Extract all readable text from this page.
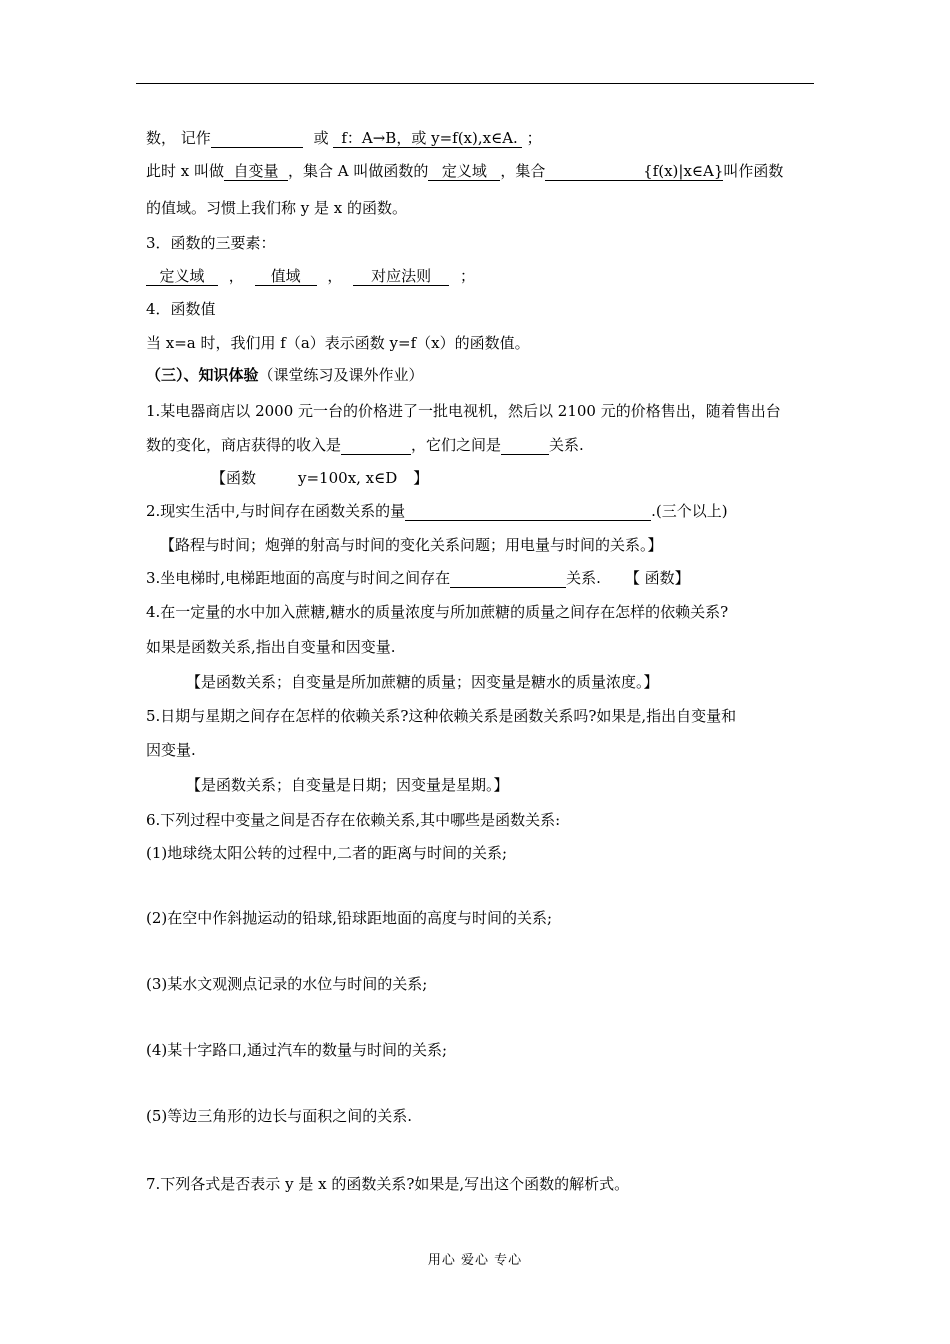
数， 记作	或 f：A→B，或 y=f(x),x∈A. ；
此时 x 叫做 自变量 ，集合 A 叫做函数的 定义域 ，集合	{f(x)|x∈A}叫作函数
的值域。习惯上我们称 y 是 x 的函数。
3．函数的三要素：
定义域 ， 值域 ， 对应法则 ；
4．函数值
当 x=a 时，我们用 f（a）表示函数 y=f（x）的函数值。
（三）、知识体验（课堂练习及课外作业）
1.某电器商店以 2000 元一台的价格进了一批电视机，然后以 2100 元的价格售出，随着售出台
数的变化，商店获得的收入是	，它们之间是	关系.
【函数	y=100x, x∈D 】
2.现实生活中,与时间存在函数关系的量	.(三个以上)
【路程与时间；炮弹的射高与时间的变化关系问题；用电量与时间的关系。】
3.坐电梯时,电梯距地面的高度与时间之间存在	关系. 【 函数】
4.在一定量的水中加入蔗糖,糖水的质量浓度与所加蔗糖的质量之间存在怎样的依赖关系?
如果是函数关系,指出自变量和因变量.
【是函数关系；自变量是所加蔗糖的质量；因变量是糖水的质量浓度。】
5.日期与星期之间存在怎样的依赖关系?这种依赖关系是函数关系吗?如果是,指出自变量和
因变量.
【是函数关系；自变量是日期；因变量是星期。】
6.下列过程中变量之间是否存在依赖关系,其中哪些是函数关系:
(1)地球绕太阳公转的过程中,二者的距离与时间的关系;
(2)在空中作斜抛运动的铅球,铅球距地面的高度与时间的关系;
(3)某水文观测点记录的水位与时间的关系;
(4)某十字路口,通过汽车的数量与时间的关系;
(5)等边三角形的边长与面积之间的关系.
7.下列各式是否表示 y 是 x 的函数关系?如果是,写出这个函数的解析式。
用心 爱心 专心
